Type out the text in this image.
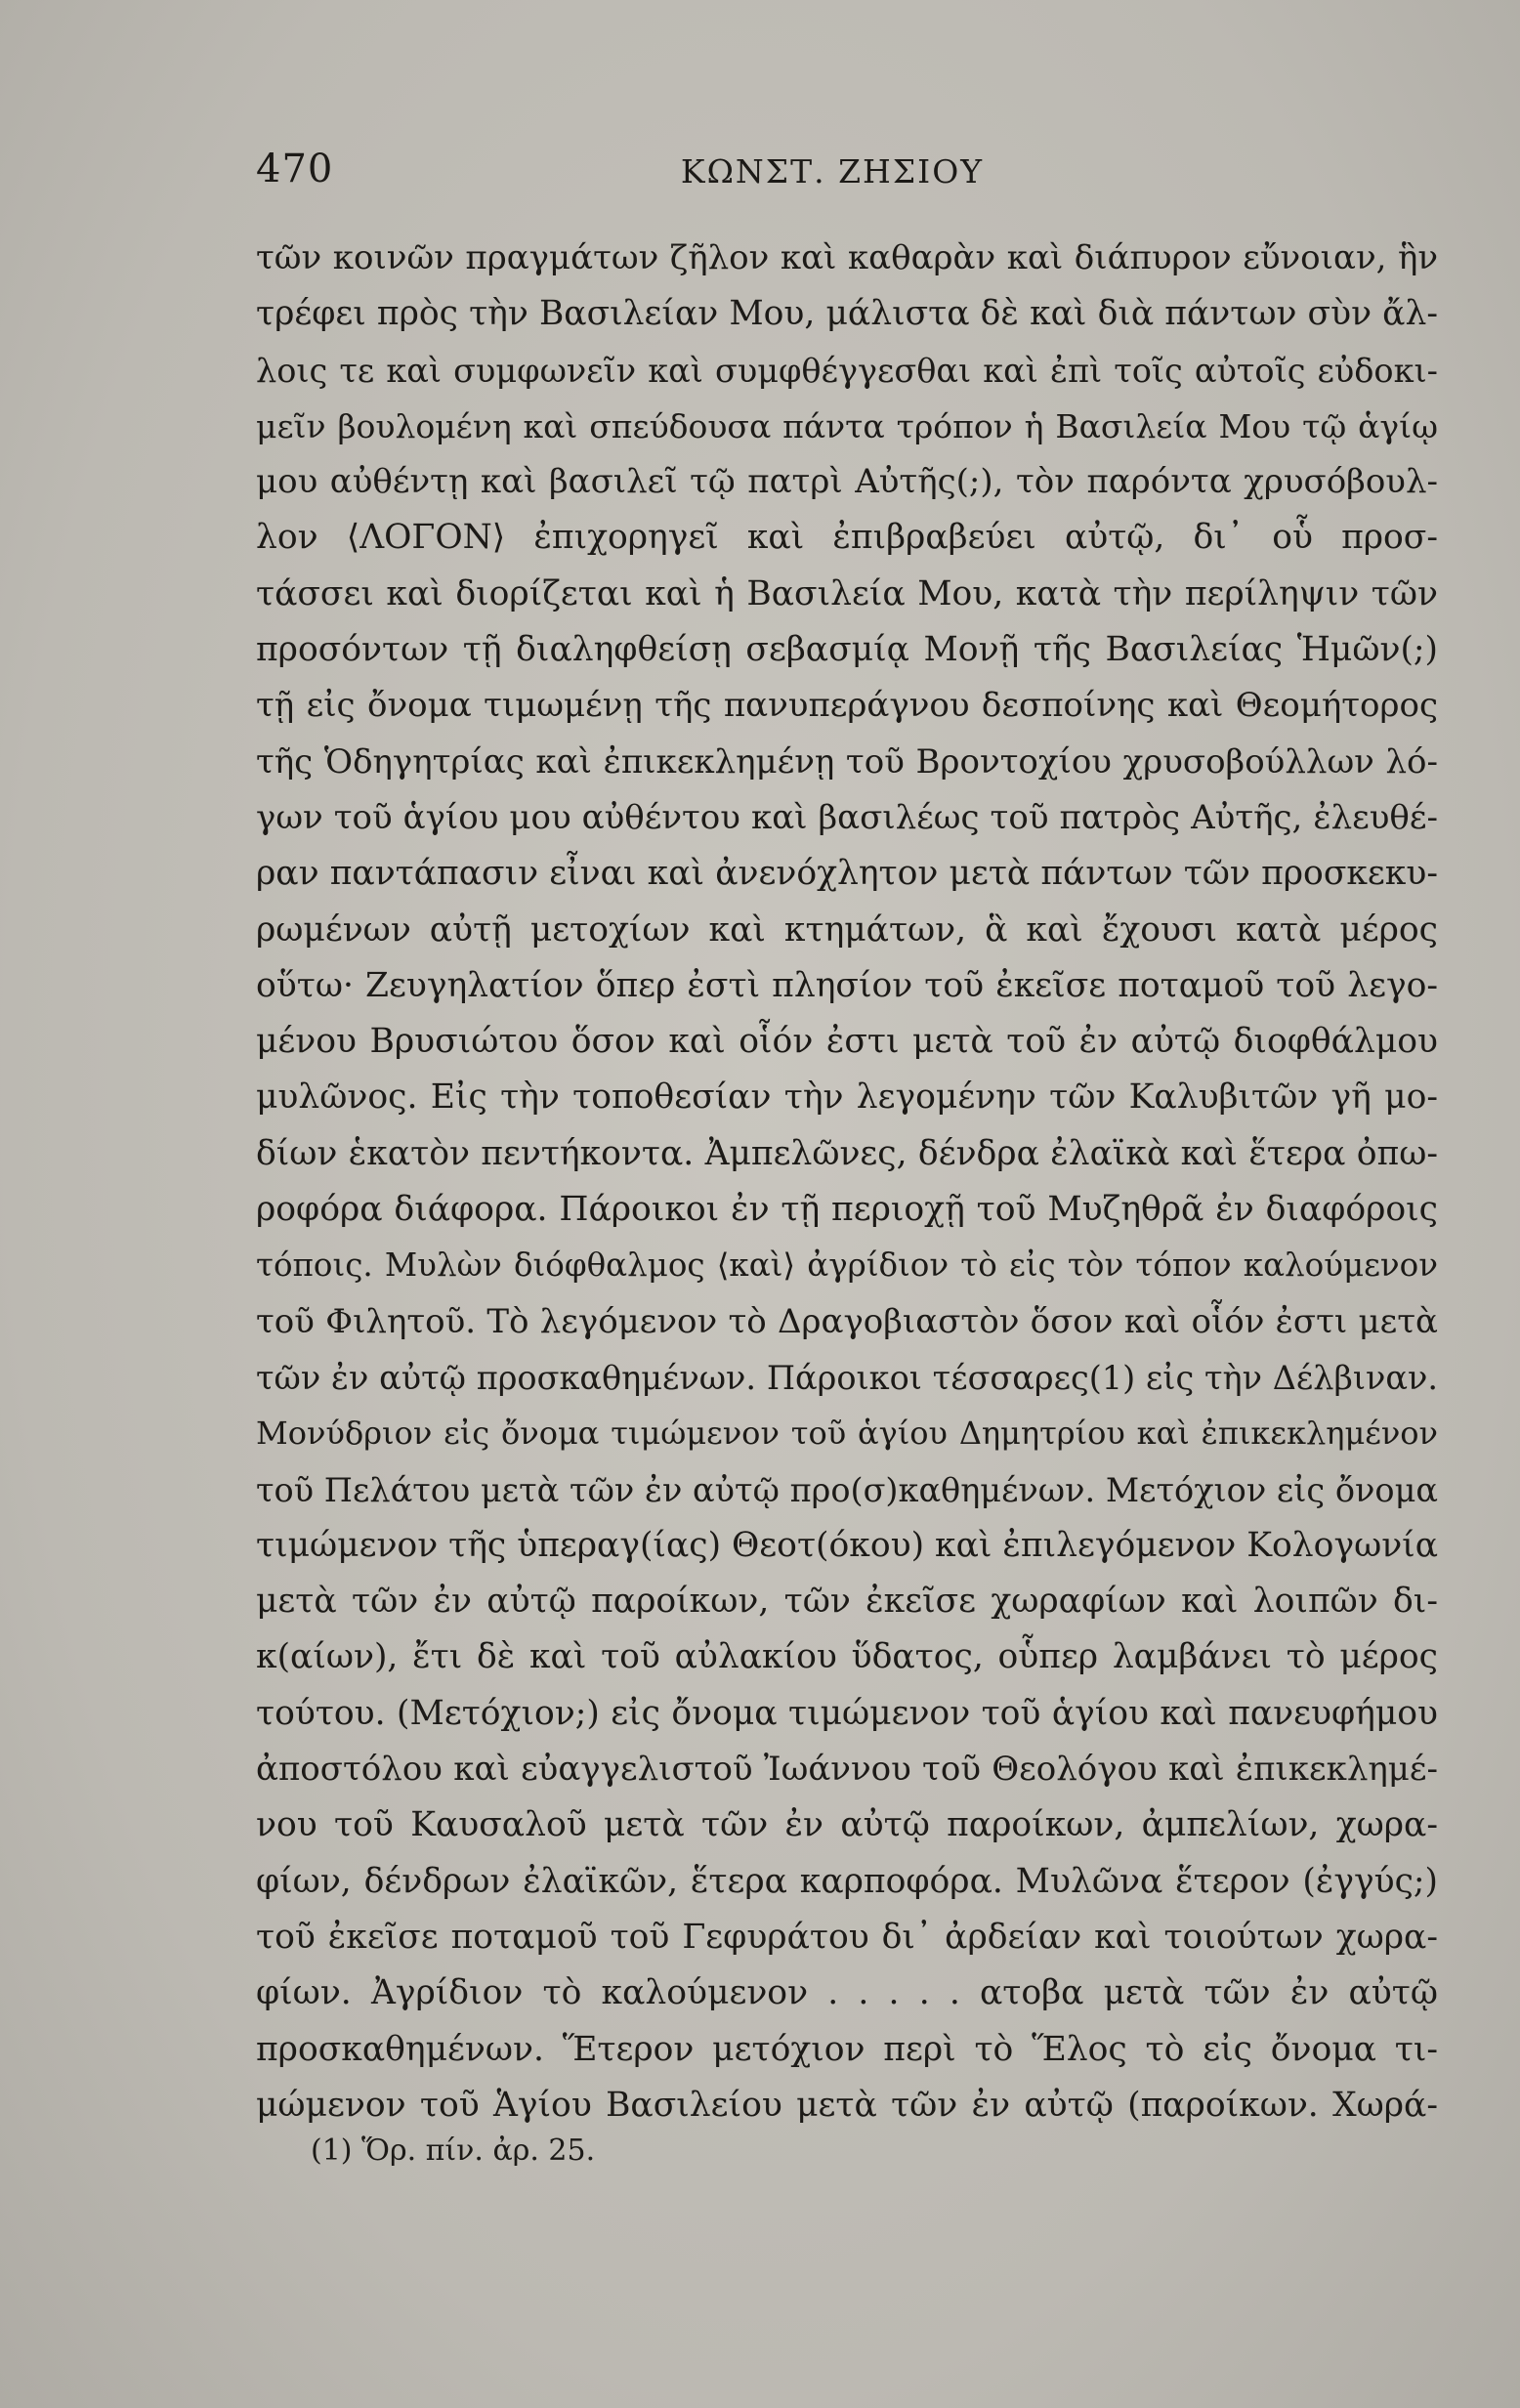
470	ΚΩΝΣΤ. ΖΗΣΙΟΥ
τῶν κοινῶν πραγμάτων ζῆλον καὶ καθαρὰν καὶ διάπυρον εὔνοιαν, ἣν
τρέφει πρὸς τὴν Βασιλείαν Μου, μάλιστα δὲ καὶ διὰ πάντων σὺν ἄλ-
λοις τε καὶ συμφωνεῖν καὶ συμφθέγγεσθαι καὶ ἐπὶ τοῖς αὐτοῖς εὐδοκι-
μεῖν βουλομένη καὶ σπεύδουσα πάντα τρόπον ἡ Βασιλεία Μου τῷ ἁγίῳ
μου αὐθέντῃ καὶ βασιλεῖ τῷ πατρὶ Αὐτῆς(;), τὸν παρόντα χρυσόβουλ-
λον ⟨ΛΟΓΟΝ⟩ ἐπιχορηγεῖ καὶ ἐπιβραβεύει αὐτῷ, δι᾽ οὗ προσ-
τάσσει καὶ διορίζεται καὶ ἡ Βασιλεία Μου, κατὰ τὴν περίληψιν τῶν
προσόντων τῇ διαληφθείσῃ σεβασμίᾳ Μονῇ τῆς Βασιλείας Ἡμῶν(;)
τῇ εἰς ὄνομα τιμωμένῃ τῆς πανυπεράγνου δεσποίνης καὶ Θεομήτορος
τῆς Ὁδηγητρίας καὶ ἐπικεκλημένῃ τοῦ Βροντοχίου χρυσοβούλλων λό-
γων τοῦ ἁγίου μου αὐθέντου καὶ βασιλέως τοῦ πατρὸς Αὐτῆς, ἐλευθέ-
ραν παντάπασιν εἶναι καὶ ἀνενόχλητον μετὰ πάντων τῶν προσκεκυ-
ρωμένων αὐτῇ μετοχίων καὶ κτημάτων, ἃ καὶ ἔχουσι κατὰ μέρος
οὕτω· Ζευγηλατίον ὅπερ ἐστὶ πλησίον τοῦ ἐκεῖσε ποταμοῦ τοῦ λεγο-
μένου Βρυσιώτου ὅσον καὶ οἷόν ἐστι μετὰ τοῦ ἐν αὐτῷ διοφθάλμου
μυλῶνος. Εἰς τὴν τοποθεσίαν τὴν λεγομένην τῶν Καλυβιτῶν γῆ μο-
δίων ἑκατὸν πεντήκοντα. Ἀμπελῶνες, δένδρα ἐλαϊκὰ καὶ ἕτερα ὀπω-
ροφόρα διάφορα. Πάροικοι ἐν τῇ περιοχῇ τοῦ Μυζηθρᾶ ἐν διαφόροις
τόποις. Μυλὼν διόφθαλμος ⟨καὶ⟩ ἀγρίδιον τὸ εἰς τὸν τόπον καλούμενον
τοῦ Φιλητοῦ. Τὸ λεγόμενον τὸ Δραγοβιαστὸν ὅσον καὶ οἷόν ἐστι μετὰ
τῶν ἐν αὐτῷ προσκαθημένων. Πάροικοι τέσσαρες(1) εἰς τὴν Δέλβιναν.
Μονύδριον εἰς ὄνομα τιμώμενον τοῦ ἁγίου Δημητρίου καὶ ἐπικεκλημένον
τοῦ Πελάτου μετὰ τῶν ἐν αὐτῷ προ(σ)καθημένων. Μετόχιον εἰς ὄνομα
τιμώμενον τῆς ὑπεραγ(ίας) Θεοτ(όκου) καὶ ἐπιλεγόμενον Κολογωνία
μετὰ τῶν ἐν αὐτῷ παροίκων, τῶν ἐκεῖσε χωραφίων καὶ λοιπῶν δι-
κ(αίων), ἔτι δὲ καὶ τοῦ αὐλακίου ὕδατος, οὗπερ λαμβάνει τὸ μέρος
τούτου. (Μετόχιον;) εἰς ὄνομα τιμώμενον τοῦ ἁγίου καὶ πανευφήμου
ἀποστόλου καὶ εὐαγγελιστοῦ Ἰωάννου τοῦ Θεολόγου καὶ ἐπικεκλημέ-
νου τοῦ Καυσαλοῦ μετὰ τῶν ἐν αὐτῷ παροίκων, ἀμπελίων, χωρα-
φίων, δένδρων ἐλαϊκῶν, ἕτερα καρποφόρα. Μυλῶνα ἕτερον (ἐγγύς;)
τοῦ ἐκεῖσε ποταμοῦ τοῦ Γεφυράτου δι᾽ ἀρδείαν καὶ τοιούτων χωρα-
φίων. Ἀγρίδιον τὸ καλούμενον . . . . . ατοβα μετὰ τῶν ἐν αὐτῷ
προσκαθημένων. Ἕτερον μετόχιον περὶ τὸ Ἕλος τὸ εἰς ὄνομα τι-
μώμενον τοῦ Ἁγίου Βασιλείου μετὰ τῶν ἐν αὐτῷ (παροίκων. Χωρά-
(1) Ὅρ. πίν. ἀρ. 25.
